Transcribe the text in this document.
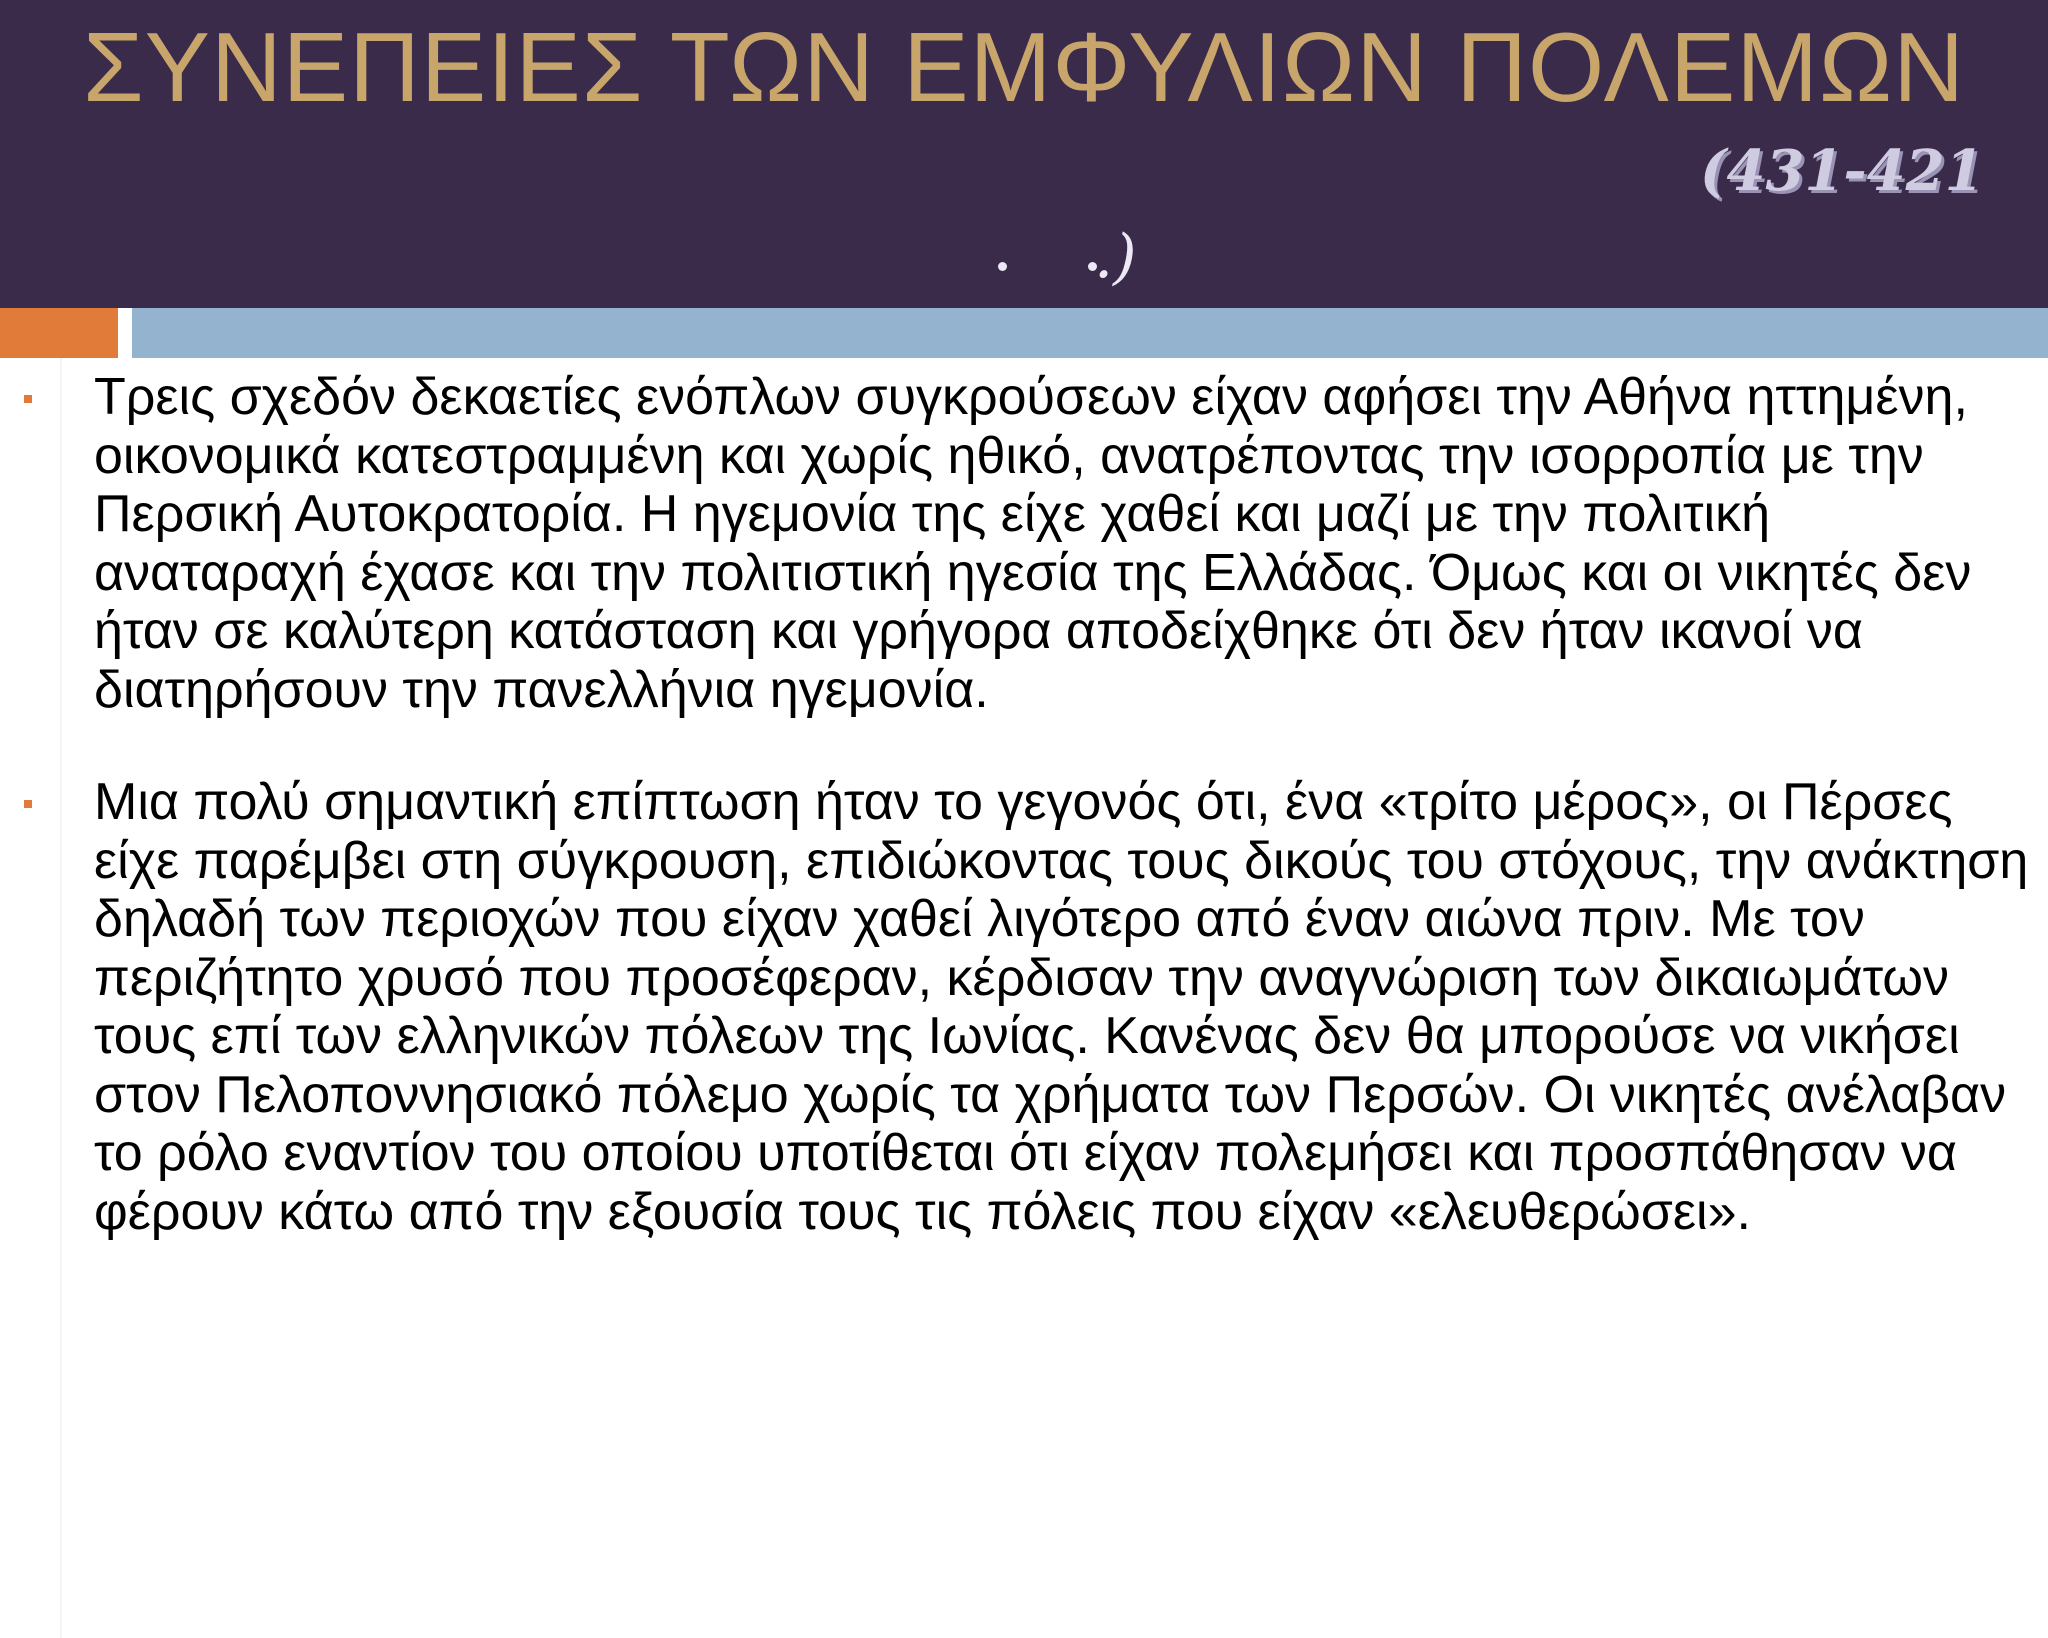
ΣΥΝΕΠΕΙΕΣ ΤΩΝ ΕΜΦΥΛΙΩΝ ΠΟΛΕΜΩΝ
(431-421
.)

Τρεις σχεδόν δεκαετίες ενόπλων συγκρούσεων είχαν αφήσει την Αθήνα ηττημένη, οικονομικά κατεστραμμένη και χωρίς ηθικό, ανατρέποντας την ισορροπία με την Περσική Αυτοκρατορία. Η ηγεμονία της είχε χαθεί και μαζί με την πολιτική αναταραχή έχασε και την πολιτιστική ηγεσία της Ελλάδας. Όμως και οι νικητές δεν ήταν σε καλύτερη κατάσταση και γρήγορα αποδείχθηκε ότι δεν ήταν ικανοί να διατηρήσουν την πανελλήνια ηγεμονία.

Μια πολύ σημαντική επίπτωση ήταν το γεγονός ότι, ένα «τρίτο μέρος», οι Πέρσες είχε παρέμβει στη σύγκρουση, επιδιώκοντας τους δικούς του στόχους, την ανάκτηση δηλαδή των περιοχών που είχαν χαθεί λιγότερο από έναν αιώνα πριν. Με τον περιζήτητο χρυσό που προσέφεραν, κέρδισαν την αναγνώριση των δικαιωμάτων τους επί των ελληνικών πόλεων της Ιωνίας. Κανένας δεν θα μπορούσε να νικήσει στον Πελοποννησιακό πόλεμο χωρίς τα χρήματα των Περσών. Οι νικητές ανέλαβαν το ρόλο εναντίον του οποίου υποτίθεται ότι είχαν πολεμήσει και προσπάθησαν να φέρουν κάτω από την εξουσία τους τις πόλεις που είχαν «ελευθερώσει».
